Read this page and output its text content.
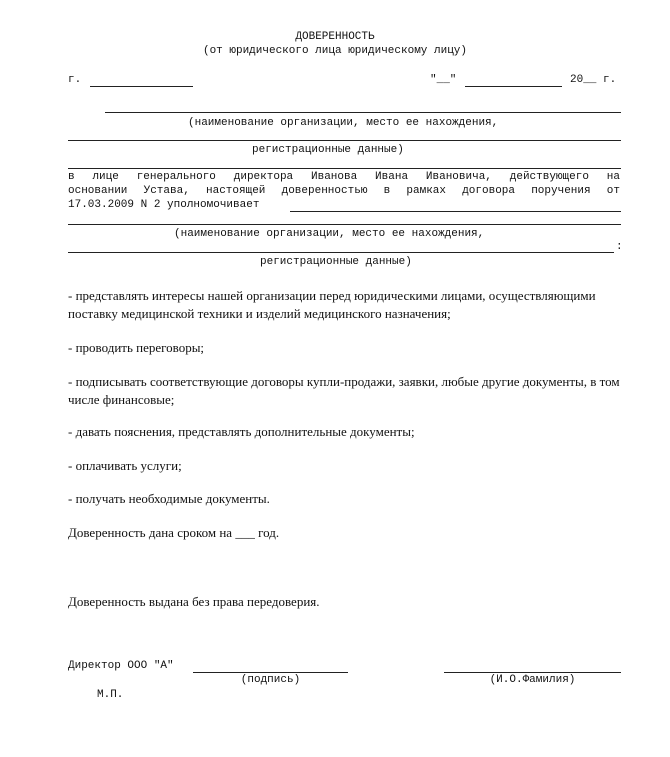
ДОВЕРЕННОСТЬ
(от юридического лица юридическому лицу)
г.	"__"	20__ г.
(наименование организации, место ее нахождения,
регистрационные данные)
в лице генерального директора Иванова Ивана Ивановича, действующего на
основании Устава, настоящей доверенностью в рамках договора поручения от
17.03.2009 N 2 уполномочивает
(наименование организации, место ее нахождения,
:
регистрационные данные)
- представлять интересы нашей организации перед юридическими лицами, осуществляющими поставку медицинской техники и изделий медицинского назначения;
- проводить переговоры;
- подписывать соответствующие договоры купли-продажи, заявки, любые другие документы, в том числе финансовые;
- давать пояснения, представлять дополнительные документы;
- оплачивать услуги;
- получать необходимые документы.
Доверенность дана сроком на ___ год.
Доверенность выдана без права передоверия.
Директор ООО "А"
(подпись)	(И.О.Фамилия)
М.П.
